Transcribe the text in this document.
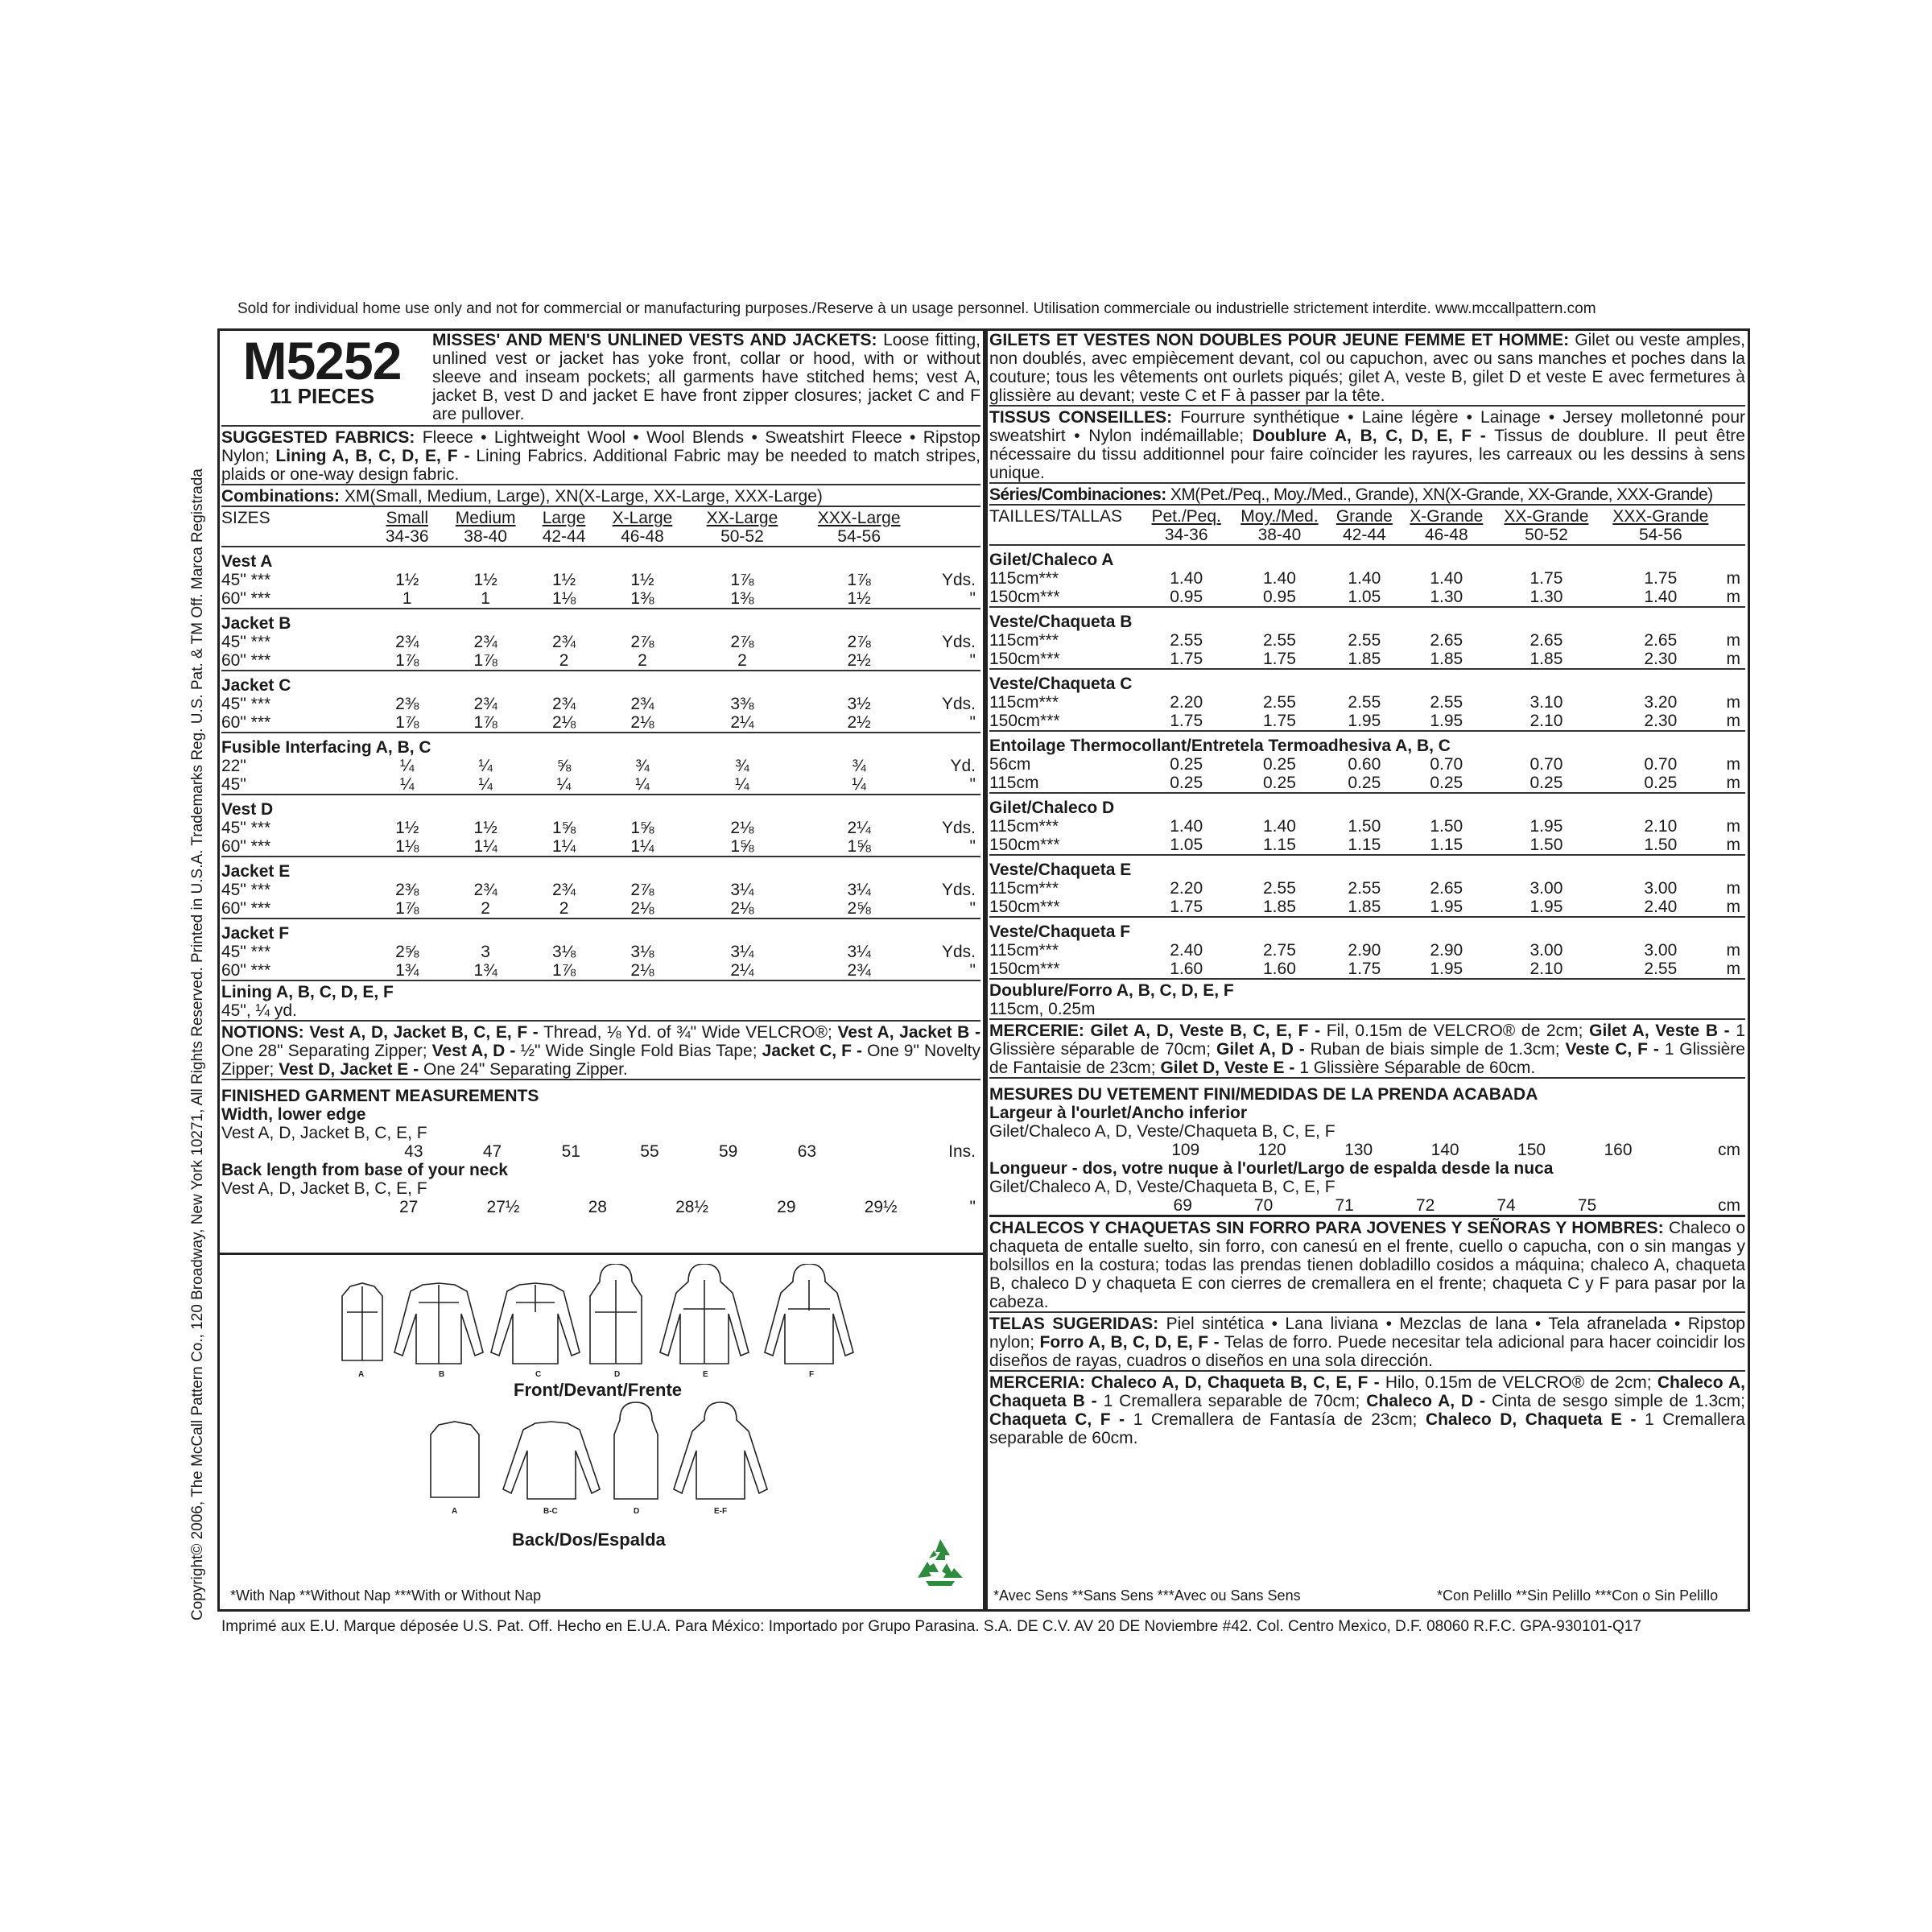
Sold for individual home use only and not for commercial or manufacturing purposes./Reserve à un usage personnel. Utilisation commerciale ou industrielle strictement interdite. www.mccallpattern.com
Copyright© 2006, The McCall Pattern Co., 120 Broadway, New York 10271, All Rights Reserved. Printed in U.S.A. Trademarks Reg. U.S. Pat. & TM Off. Marca Registrada
M5252
11 PIECES
MISSES' AND MEN'S UNLINED VESTS AND JACKETS: Loose fitting, unlined vest or jacket has yoke front, collar or hood, with or without sleeve and inseam pockets; all garments have stitched hems; vest A, jacket B, vest D and jacket E have front zipper closures; jacket C and F are pullover.
SUGGESTED FABRICS: Fleece • Lightweight Wool • Wool Blends • Sweatshirt Fleece • Ripstop Nylon; Lining A, B, C, D, E, F - Lining Fabrics. Additional Fabric may be needed to match stripes, plaids or one-way design fabric.
Combinations: XM(Small, Medium, Large), XN(X-Large, XX-Large, XXX-Large)
SIZES	Small	Medium	Large	X-Large	XX-Large	XXX-Large	
	34-36	38-40	42-44	46-48	50-52	54-56	
Vest A							
45" ***	1½	1½	1½	1½	1⅞	1⅞	Yds.
60" ***	1	1	1⅛	1⅜	1⅜	1½	"
Jacket B							
45" ***	2¾	2¾	2¾	2⅞	2⅞	2⅞	Yds.
60" ***	1⅞	1⅞	2	2	2	2½	"
Jacket C							
45" ***	2⅜	2¾	2¾	2¾	3⅜	3½	Yds.
60" ***	1⅞	1⅞	2⅛	2⅛	2¼	2½	"
Fusible Interfacing A, B, C							
22"	¼	¼	⅝	¾	¾	¾	Yd.
45"	¼	¼	¼	¼	¼	¼	"
Vest D							
45" ***	1½	1½	1⅝	1⅝	2⅛	2¼	Yds.
60" ***	1⅛	1¼	1¼	1¼	1⅝	1⅝	"
Jacket E							
45" ***	2⅜	2¾	2¾	2⅞	3¼	3¼	Yds.
60" ***	1⅞	2	2	2⅛	2⅛	2⅝	"
Jacket F							
45" ***	2⅝	3	3⅛	3⅛	3¼	3¼	Yds.
60" ***	1¾	1¾	1⅞	2⅛	2¼	2¾	"
Lining A, B, C, D, E, F
45", ¼ yd.
NOTIONS: Vest A, D, Jacket B, C, E, F - Thread, ⅛ Yd. of ¾" Wide VELCRO®; Vest A, Jacket B - One 28" Separating Zipper; Vest A, D - ½" Wide Single Fold Bias Tape; Jacket C, F - One 9" Novelty Zipper; Vest D, Jacket E - One 24" Separating Zipper.
FINISHED GARMENT MEASUREMENTS
Width, lower edge
Vest A, D, Jacket B, C, E, F
	43	47	51	55	59	63	Ins.
Back length from base of your neck
Vest A, D, Jacket B, C, E, F
	27	27½	28	28½	29	29½	"
A	B	C	D	E	F
A	B-C	D	E-F
Front/Devant/Frente
Back/Dos/Espalda
*With Nap **Without Nap ***With or Without Nap
GILETS ET VESTES NON DOUBLES POUR JEUNE FEMME ET HOMME: Gilet ou veste amples, non doublés, avec empiècement devant, col ou capuchon, avec ou sans manches et poches dans la couture; tous les vêtements ont ourlets piqués; gilet A, veste B, gilet D et veste E avec fermetures à glissière au devant; veste C et F à passer par la tête.
TISSUS CONSEILLES: Fourrure synthétique • Laine légère • Lainage • Jersey molletonné pour sweatshirt • Nylon indémaillable; Doublure A, B, C, D, E, F - Tissus de doublure. Il peut être nécessaire du tissu additionnel pour faire coïncider les rayures, les carreaux ou les dessins à sens unique.
Séries/Combinaciones: XM(Pet./Peq., Moy./Med., Grande), XN(X-Grande, XX-Grande, XXX-Grande)
TAILLES/TALLAS	Pet./Peq.	Moy./Med.	Grande	X-Grande	XX-Grande	XXX-Grande	
	34-36	38-40	42-44	46-48	50-52	54-56	
Gilet/Chaleco A							
115cm***	1.40	1.40	1.40	1.40	1.75	1.75	m
150cm***	0.95	0.95	1.05	1.30	1.30	1.40	m
Veste/Chaqueta B							
115cm***	2.55	2.55	2.55	2.65	2.65	2.65	m
150cm***	1.75	1.75	1.85	1.85	1.85	2.30	m
Veste/Chaqueta C							
115cm***	2.20	2.55	2.55	2.55	3.10	3.20	m
150cm***	1.75	1.75	1.95	1.95	2.10	2.30	m
Entoilage Thermocollant/Entretela Termoadhesiva A, B, C							
56cm	0.25	0.25	0.60	0.70	0.70	0.70	m
115cm	0.25	0.25	0.25	0.25	0.25	0.25	m
Gilet/Chaleco D							
115cm***	1.40	1.40	1.50	1.50	1.95	2.10	m
150cm***	1.05	1.15	1.15	1.15	1.50	1.50	m
Veste/Chaqueta E							
115cm***	2.20	2.55	2.55	2.65	3.00	3.00	m
150cm***	1.75	1.85	1.85	1.95	1.95	2.40	m
Veste/Chaqueta F							
115cm***	2.40	2.75	2.90	2.90	3.00	3.00	m
150cm***	1.60	1.60	1.75	1.95	2.10	2.55	m
Doublure/Forro A, B, C, D, E, F
115cm, 0.25m
MERCERIE: Gilet A, D, Veste B, C, E, F - Fil, 0.15m de VELCRO® de 2cm; Gilet A, Veste B - 1 Glissière séparable de 70cm; Gilet A, D - Ruban de biais simple de 1.3cm; Veste C, F - 1 Glissière de Fantaisie de 23cm; Gilet D, Veste E - 1 Glissière Séparable de 60cm.
MESURES DU VETEMENT FINI/MEDIDAS DE LA PRENDA ACABADA
Largeur à l'ourlet/Ancho inferior
Gilet/Chaleco A, D, Veste/Chaqueta B, C, E, F
	109	120	130	140	150	160	cm
Longueur - dos, votre nuque à l'ourlet/Largo de espalda desde la nuca
Gilet/Chaleco A, D, Veste/Chaqueta B, C, E, F
	69	70	71	72	74	75	cm
CHALECOS Y CHAQUETAS SIN FORRO PARA JOVENES Y SEÑORAS Y HOMBRES: Chaleco o chaqueta de entalle suelto, sin forro, con canesú en el frente, cuello o capucha, con o sin mangas y bolsillos en la costura; todas las prendas tienen dobladillo cosidos a máquina; chaleco A, chaqueta B, chaleco D y chaqueta E con cierres de cremallera en el frente; chaqueta C y F para pasar por la cabeza.
TELAS SUGERIDAS: Piel sintética • Lana liviana • Mezclas de lana • Tela afranelada • Ripstop nylon; Forro A, B, C, D, E, F - Telas de forro. Puede necesitar tela adicional para hacer coincidir los diseños de rayas, cuadros o diseños en una sola dirección.
MERCERIA: Chaleco A, D, Chaqueta B, C, E, F - Hilo, 0.15m de VELCRO® de 2cm; Chaleco A, Chaqueta B - 1 Cremallera separable de 70cm; Chaleco A, D - Cinta de sesgo simple de 1.3cm; Chaqueta C, F - 1 Cremallera de Fantasía de 23cm; Chaleco D, Chaqueta E - 1 Cremallera separable de 60cm.
*Avec Sens **Sans Sens ***Avec ou Sans Sens	*Con Pelillo **Sin Pelillo ***Con o Sin Pelillo
Imprimé aux E.U. Marque déposée U.S. Pat. Off. Hecho en E.U.A. Para México: Importado por Grupo Parasina. S.A. DE C.V. AV 20 DE Noviembre #42. Col. Centro Mexico, D.F. 08060 R.F.C. GPA-930101-Q17
